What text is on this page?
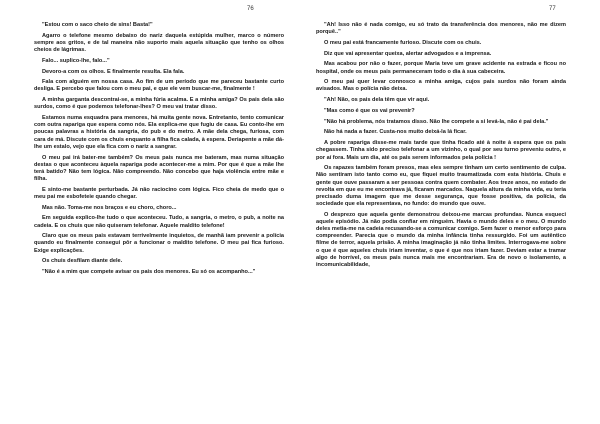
76

"Estou com o saco cheio de sins! Basta!"

Agarro o telefone mesmo debaixo do nariz daquela estúpida mulher, marco o número sempre aos gritos, e de tal maneira não suporto mais aquela situação que tenho os olhos cheios de lágrimas.

Falo... suplico-lhe, falo..."

Devoro-a com os olhos. E finalmente resulta. Ela fala.

Fala com alguém em nossa casa. Ao fim de um período que me pareceu bastante curto desliga. E percebo que falou com o meu pai, e que ele vem buscar-me, finalmente !

A minha garganta descontrai-se, a minha fúria acalma. E a minha amiga? Os pais dela são surdos, como é que podemos telefonar-lhes? O meu vai tratar disso.

Estamos numa esquadra para menores, há muita gente nova. Entretanto, tento comunicar com outra rapariga que espera como nós. Ela explica-me que fugiu de casa. Eu conto-lhe em poucas palavras a história da sangria, do pub e do metro. A mãe dela chega, furiosa, com cara de má. Discute com os chuis enquanto a filha fica calada, à espera. Deriapente a mãe dá-lhe um estalo, vejo que ela fica com o nariz a sangrar.

O meu pai irá bater-me também? Os meus pais nunca me bateram, mas numa situação destas o que aconteceu àquela rapariga pode acontecer-me a mim. Por que é que a mãe lhe terá batido? Não tem lógica. Não compreendo. Não concebo que haja violência entre mãe e filha.

E sinto-me bastante perturbada. Já não raciocino com lógica. Fico cheia de medo que o meu pai me esbofeteie quando chegar.

Mas não. Toma-me nos braços e eu choro, choro...

Em seguida explico-lhe tudo o que aconteceu. Tudo, a sangria, o metro, o pub, a noite na cadeia. E os chuis que não quiseram telefonar. Aquele maldito telefone!

Claro que os meus pais estavam terrivelmente inquietos, de manhã iam prevenir a polícia quando eu finalmente consegui pôr a funcionar o maldito telefone. O meu pai fica furioso. Exige explicações.

Os chuis desfilam diante dele.

"Não é a mim que compete avisar os pais dos menores. Eu só os acompanho..."

77

"Ah! Isso não é nada comigo, eu só trato da transferência dos menores, não me dizem porquê.."

O meu pai está francamente furioso. Discute com os chuis.

Diz que vai apresentar queixa, alertar advogados e a imprensa.

Mas acabou por não o fazer, porque Maria teve um grave acidente na estrada e ficou no hospital, onde os meus pais permaneceram todo o dia à sua cabeceira.

O meu pai quer levar connosco a minha amiga, cujos pais surdos não foram ainda avisados. Mas o polícia não deixa.

"Ah! Não, os pais dela têm que vir aqui.

"Mas como é que os vai prevenir?

"Não há problema, nós tratamos disso. Não lhe compete a si levá-la, não é pai dela."

Não há nada a fazer. Custa-nos muito deixá-la lá ficar.

A pobre rapariga disse-me mais tarde que tinha ficado até à noite à espera que os pais chegassem. Tinha sido preciso telefonar a um vizinho, o qual por seu turno preveniu outro, e por aí fora. Mais um dia, até os pais serem informados pela polícia !

Os rapazes também foram presos, mas eles sempre tinham um certo sentimento de culpa. Não sentiram isto tanto como eu, que fiquei muito traumatizada com esta história. Chuis e gente que ouve passaram a ser pessoas contra quem combater. Aos treze anos, no estado de revolta em que eu me encontrava já, ficaram marcados. Naquela altura da minha vida, eu teria precisado duma imagem que me desse segurança, que fosse positiva, da polícia, da sociedade que ela representava, no fundo: do mundo que ouve.

O desprezo que aquela gente demonstrou deixou-me marcas profundas. Nunca esqueci aquele episódio. Já não podia confiar em ninguém. Havia o mundo deles e o meu. O mundo deles metia-me na cadeia recusando-se a comunicar comigo. Sem fazer o menor esforço para compreender. Parecia que o mundo da minha infância tinha ressurgido. Foi um autêntico filme de terror, aquela prisão. A minha imaginação já não tinha limites. Interrogava-me sobre o que é que aqueles chuis iriam inventar, o que é que nos iriam fazer. Deviam estar a tramar algo de horrível, os meus pais nunca mais me encontrariam. Era de novo o isolamento, a incomunicabilidade,
